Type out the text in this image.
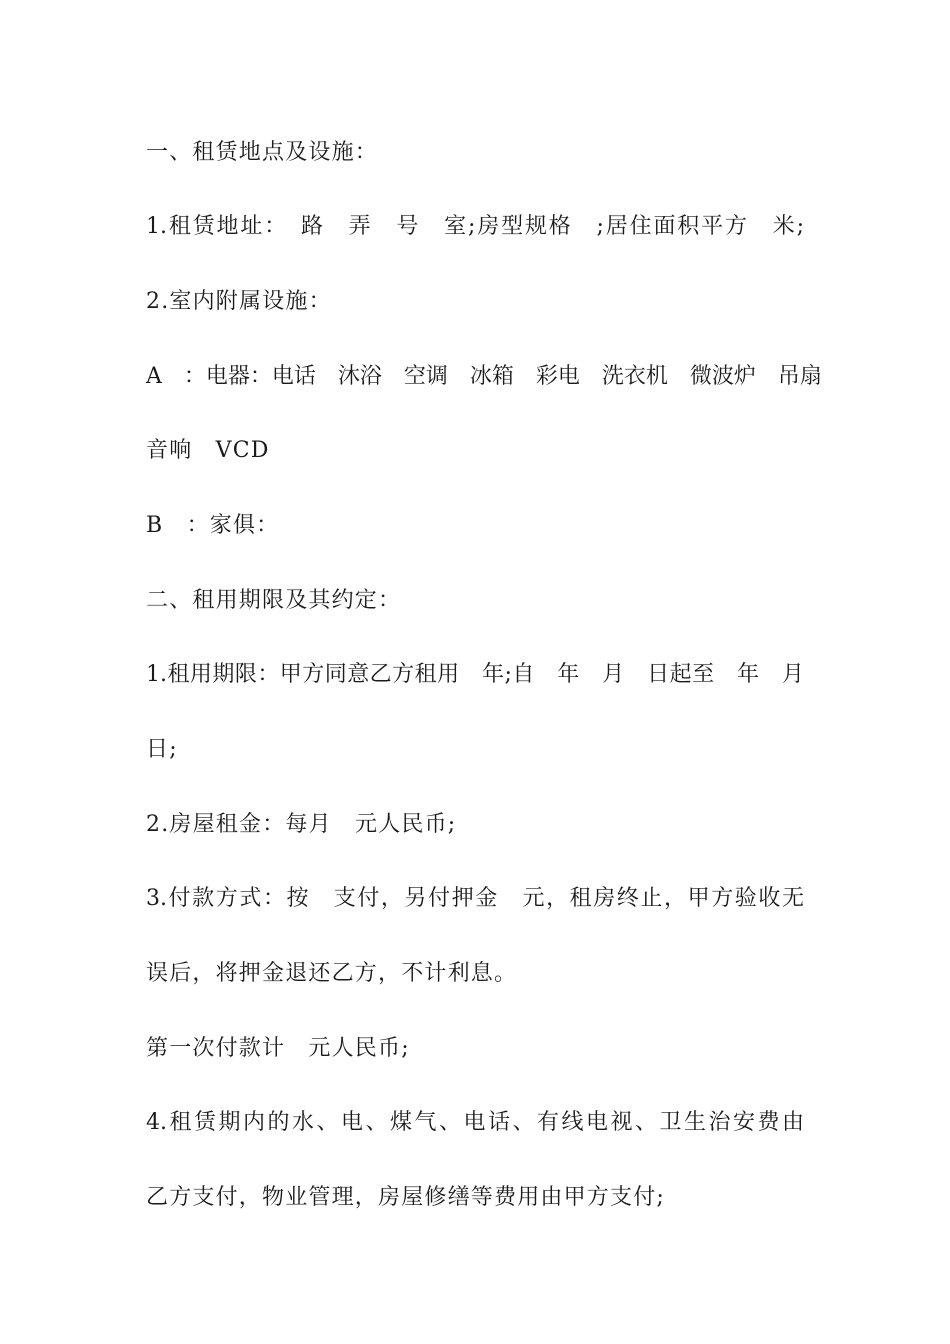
一、租赁地点及设施：
1.租赁地址：　路　弄　号　室;房型规格　;居住面积平方　米;
2.室内附属设施：
A　：电器：电话　沐浴　空调　冰箱　彩电　洗衣机　微波炉　吊扇
音响　VCD
B　：家俱：
二、租用期限及其约定：
1.租用期限：甲方同意乙方租用　年;自　年　月　日起至　年　月
日;
2.房屋租金：每月　元人民币;
3.付款方式：按　支付，另付押金　元，租房终止，甲方验收无
误后，将押金退还乙方，不计利息。
第一次付款计　元人民币;
4.租赁期内的水、电、煤气、电话、有线电视、卫生治安费由
乙方支付，物业管理，房屋修缮等费用由甲方支付;
